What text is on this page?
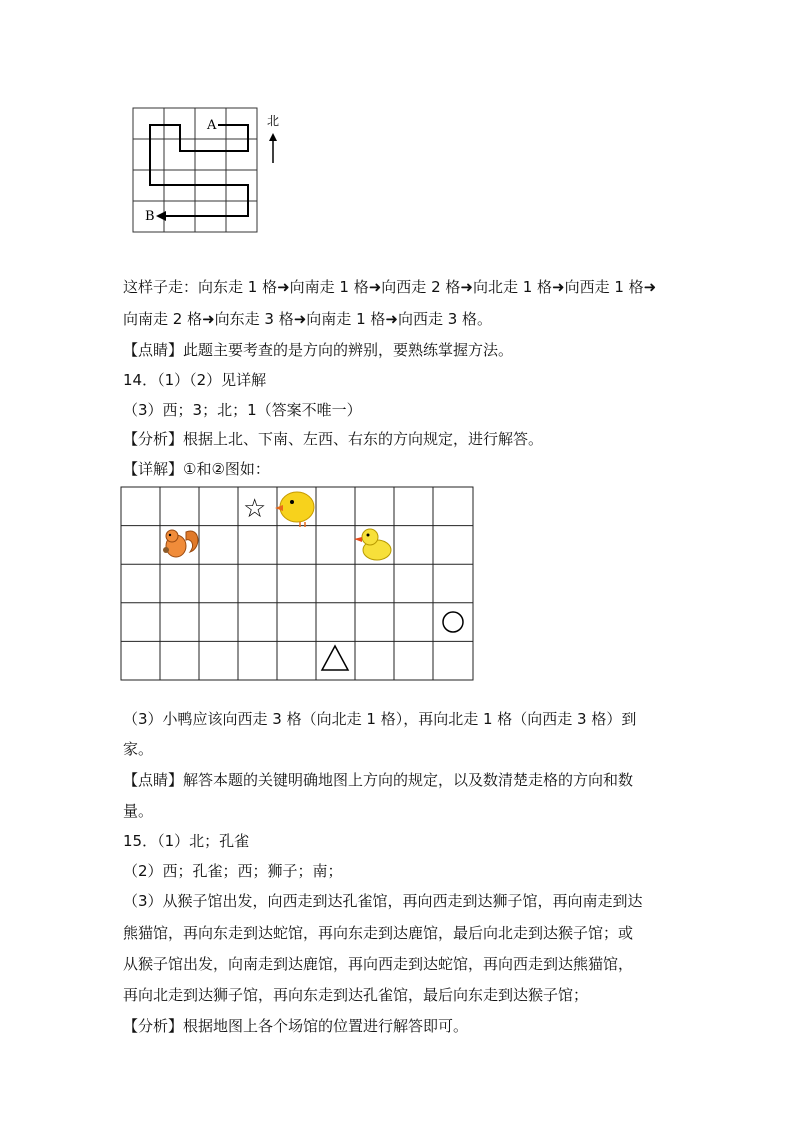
A
B
北
这样子走：向东走 1 格➜向南走 1 格➜向西走 2 格➜向北走 1 格➜向西走 1 格➜
向南走 2 格➜向东走 3 格➜向南走 1 格➜向西走 3 格。
【点睛】此题主要考查的是方向的辨别，要熟练掌握方法。
14．（1）（2）见详解
（3）西；3；北；1（答案不唯一）
【分析】根据上北、下南、左西、右东的方向规定，进行解答。
【详解】①和②图如：
☆
（3）小鸭应该向西走 3 格（向北走 1 格），再向北走 1 格（向西走 3 格）到
家。
【点睛】解答本题的关键明确地图上方向的规定，以及数清楚走格的方向和数
量。
15．（1）北；孔雀
（2）西；孔雀；西；狮子；南；
（3）从猴子馆出发，向西走到达孔雀馆，再向西走到达狮子馆，再向南走到达
熊猫馆，再向东走到达蛇馆，再向东走到达鹿馆，最后向北走到达猴子馆；或
从猴子馆出发，向南走到达鹿馆，再向西走到达蛇馆，再向西走到达熊猫馆，
再向北走到达狮子馆，再向东走到达孔雀馆，最后向东走到达猴子馆；
【分析】根据地图上各个场馆的位置进行解答即可。
